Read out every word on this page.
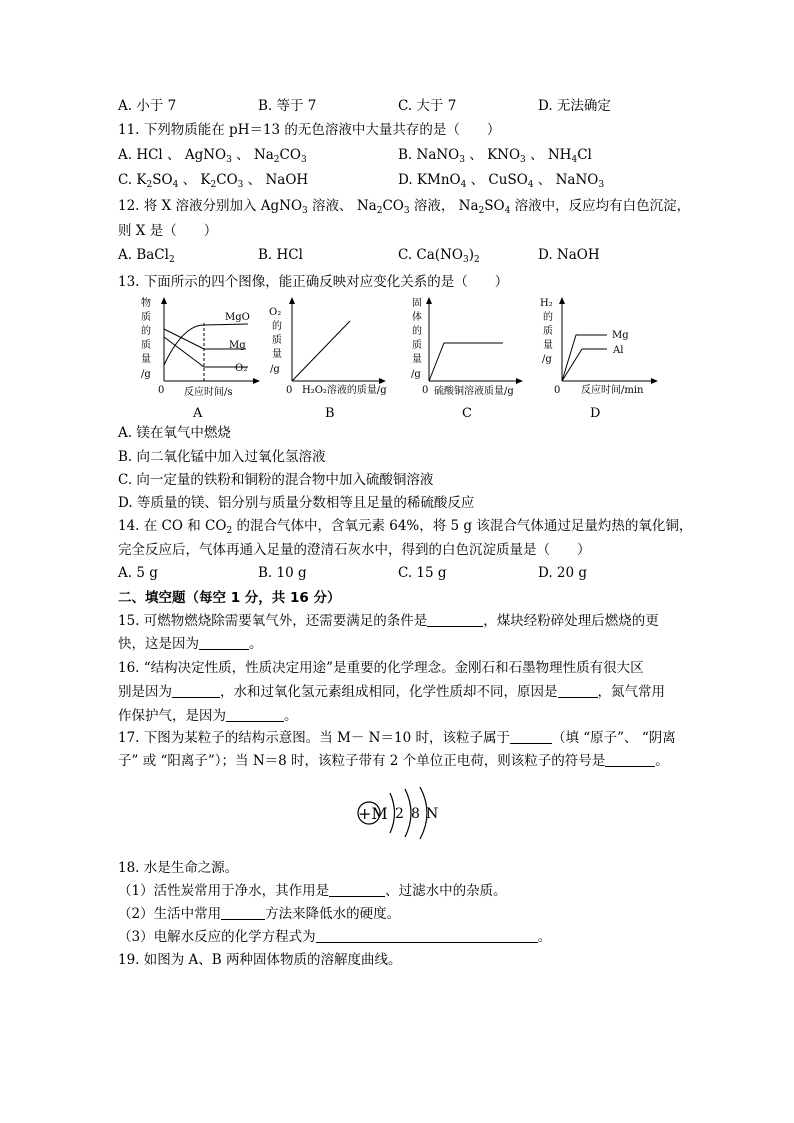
A. 小于 7	B. 等于 7	C. 大于 7	D. 无法确定
11. 下列物质能在 pH＝13 的无色溶液中大量共存的是（　　）
A. HCl 、 AgNO$_3$ 、 $Na_2CO_3$	B. NaNO$_3$ 、 $KNO_3$ 、 $NH_4Cl$
C. $K_2SO_4$ 、 $K_2CO_3$ 、 NaOH	D. KMnO$_4$ 、 CuSO$_4$ 、 NaNO$_3$
12. 将 X 溶液分别加入 AgNO$_3$ 溶液、 $Na_2CO_3$ 溶液， $Na_2SO_4$ 溶液中，反应均有白色沉淀，
则 X 是（　　）
A. BaCl$_2$	B. HCl	C. $Ca(NO_3)_2$	D. NaOH
13. 下面所示的四个图像，能正确反映对应变化关系的是（　　）
物
质
的
质
量
/g
0 反应时间/s
MgO
Mg
O₂
A
O₂
的
质
量
/g
0 H₂O₂溶液的质量/g
B
固
体
的
质
量
/g
0 硫酸铜溶液质量/g
C
H₂
的
质
量
/g
0 反应时间/min
Mg
Al
D
A. 镁在氧气中燃烧
B. 向二氧化锰中加入过氧化氢溶液
C. 向一定量的铁粉和铜粉的混合物中加入硫酸铜溶液
D. 等质量的镁、铝分别与质量分数相等且足量的稀硫酸反应
14. 在 CO 和 $CO_2$ 的混合气体中，含氧元素 64%，将 5 g 该混合气体通过足量灼热的氧化铜，
完全反应后，气体再通入足量的澄清石灰水中，得到的白色沉淀质量是（　　）
A. 5 g	B. 10 g	C. 15 g	D. 20 g
二、填空题（每空 1 分，共 16 分）
15. 可燃物燃烧除需要氧气外，还需要满足的条件是	，煤块经粉碎处理后燃烧的更
快，这是因为	。
16. “结构决定性质，性质决定用途”是重要的化学理念。金刚石和石墨物理性质有很大区
别是因为	，水和过氧化氢元素组成相同，化学性质却不同，原因是	，氮气常用
作保护气，是因为	。
17. 下图为某粒子的结构示意图。当 M－ N＝10 时，该粒子属于	（填 “原子”、 “阴离
子” 或 “阳离子”）；当 N＝8 时，该粒子带有 2 个单位正电荷，则该粒子的符号是	。
+M 2 8 N
18. 水是生命之源。
（1）活性炭常用于净水，其作用是	、过滤水中的杂质。
（2）生活中常用	方法来降低水的硬度。
（3）电解水反应的化学方程式为	。
19. 如图为 A、B 两种固体物质的溶解度曲线。
